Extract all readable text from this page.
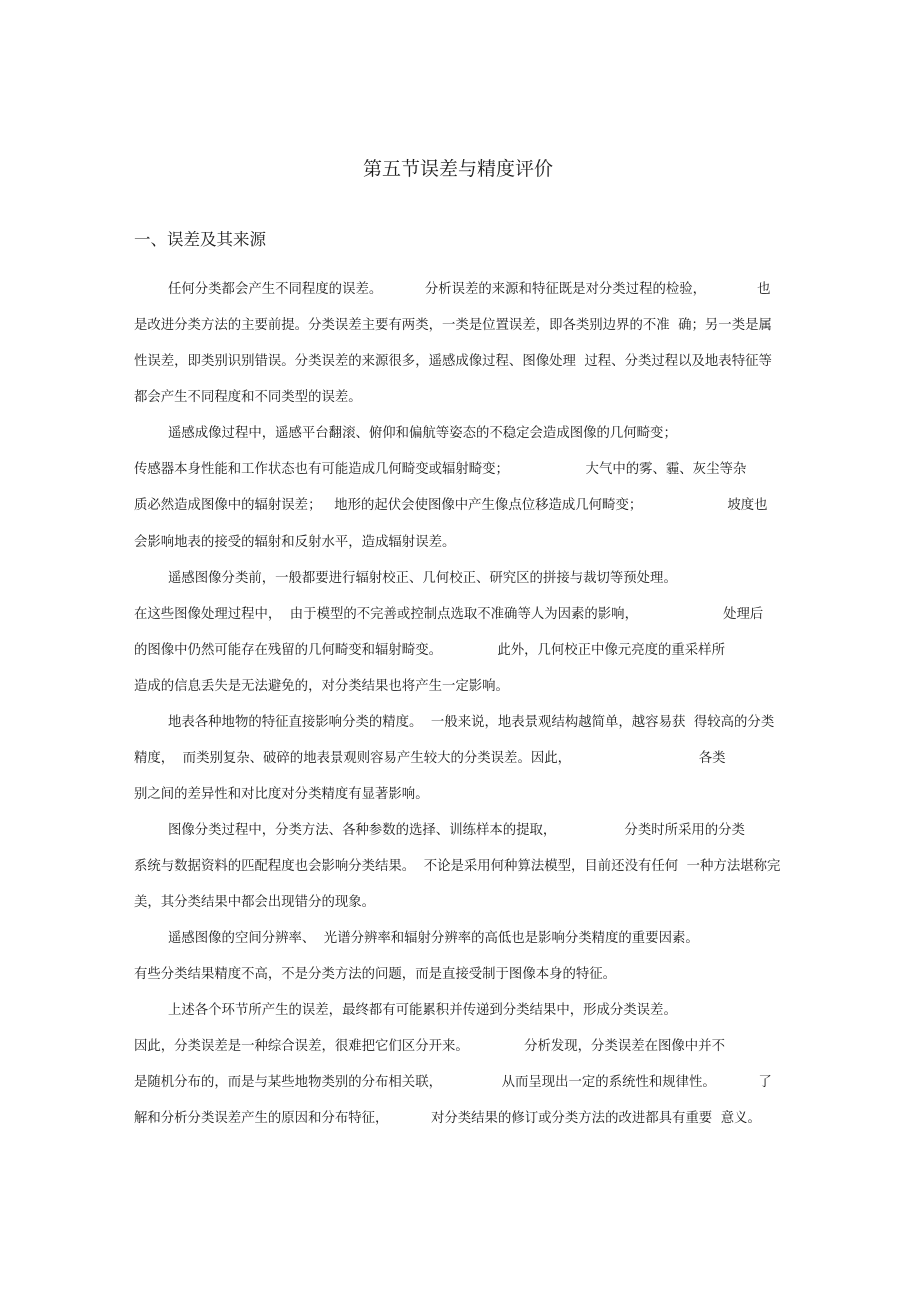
第五节误差与精度评价
一、误差及其来源

任何分类都会产生不同程度的误差。          分析误差的来源和特征既是对分类过程的检验，            也

是改进分类方法的主要前提。分类误差主要有两类，一类是位置误差，即各类别边界的不准  确；另一类是属

性误差，即类别识别错误。分类误差的来源很多，遥感成像过程、图像处理  过程、分类过程以及地表特征等

都会产生不同程度和不同类型的误差。

遥感成像过程中，遥感平台翻滚、俯仰和偏航等姿态的不稳定会造成图像的几何畸变；

传感器本身性能和工作状态也有可能造成几何畸变或辐射畸变；                  大气中的雾、霾、灰尘等杂

质必然造成图像中的辐射误差；   地形的起伏会使图像中产生像点位移造成几何畸变；                    坡度也

会影响地表的接受的辐射和反射水平，造成辐射误差。

遥感图像分类前，一般都要进行辐射校正、几何校正、研究区的拼接与裁切等预处理。

在这些图像处理过程中，  由于模型的不完善或控制点选取不准确等人为因素的影响，                    处理后

的图像中仍然可能存在残留的几何畸变和辐射畸变。             此外，几何校正中像元亮度的重采样所

造成的信息丢失是无法避免的，对分类结果也将产生一定影响。

地表各种地物的特征直接影响分类的精度。  一般来说，地表景观结构越简单，越容易获  得较高的分类

精度，  而类别复杂、破碎的地表景观则容易产生较大的分类误差。因此，                              各类

别之间的差异性和对比度对分类精度有显著影响。

图像分类过程中，分类方法、各种参数的选择、训练样本的提取，                分类时所采用的分类

系统与数据资料的匹配程度也会影响分类结果。  不论是采用何种算法模型，目前还没有任何  一种方法堪称完

美，其分类结果中都会出现错分的现象。

遥感图像的空间分辨率、  光谱分辨率和辐射分辨率的高低也是影响分类精度的重要因素。

有些分类结果精度不高，不是分类方法的问题，而是直接受制于图像本身的特征。

上述各个环节所产生的误差，最终都有可能累积并传递到分类结果中，形成分类误差。

因此，分类误差是一种综合误差，很难把它们区分开来。             分析发现，分类误差在图像中并不

是随机分布的，而是与某些地物类别的分布相关联，              从而呈现出一定的系统性和规律性。          了

解和分析分类误差产生的原因和分布特征，          对分类结果的修订或分类方法的改进都具有重要  意义。
